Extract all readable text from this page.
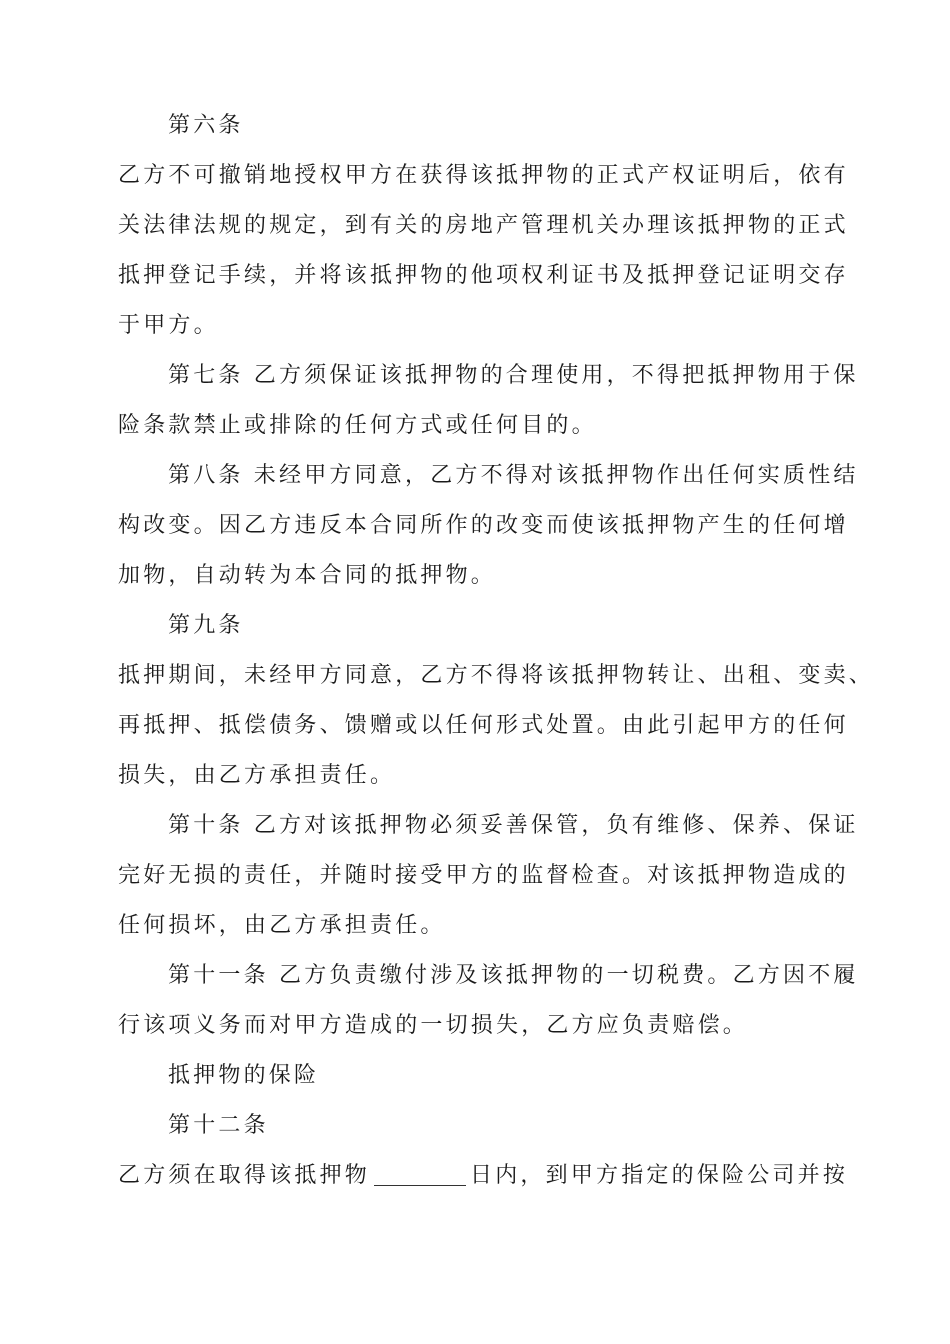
第六条
乙方不可撤销地授权甲方在获得该抵押物的正式产权证明后，依有
关法律法规的规定，到有关的房地产管理机关办理该抵押物的正式
抵押登记手续，并将该抵押物的他项权利证书及抵押登记证明交存
于甲方。
第七条 乙方须保证该抵押物的合理使用，不得把抵押物用于保
险条款禁止或排除的任何方式或任何目的。
第八条 未经甲方同意，乙方不得对该抵押物作出任何实质性结
构改变。因乙方违反本合同所作的改变而使该抵押物产生的任何增
加物，自动转为本合同的抵押物。
第九条
抵押期间，未经甲方同意，乙方不得将该抵押物转让、出租、变卖、
再抵押、抵偿债务、馈赠或以任何形式处置。由此引起甲方的任何
损失，由乙方承担责任。
第十条 乙方对该抵押物必须妥善保管，负有维修、保养、保证
完好无损的责任，并随时接受甲方的监督检查。对该抵押物造成的
任何损坏，由乙方承担责任。
第十一条 乙方负责缴付涉及该抵押物的一切税费。乙方因不履
行该项义务而对甲方造成的一切损失，乙方应负责赔偿。
抵押物的保险
第十二条
乙方须在取得该抵押物	日内，到甲方指定的保险公司并按
